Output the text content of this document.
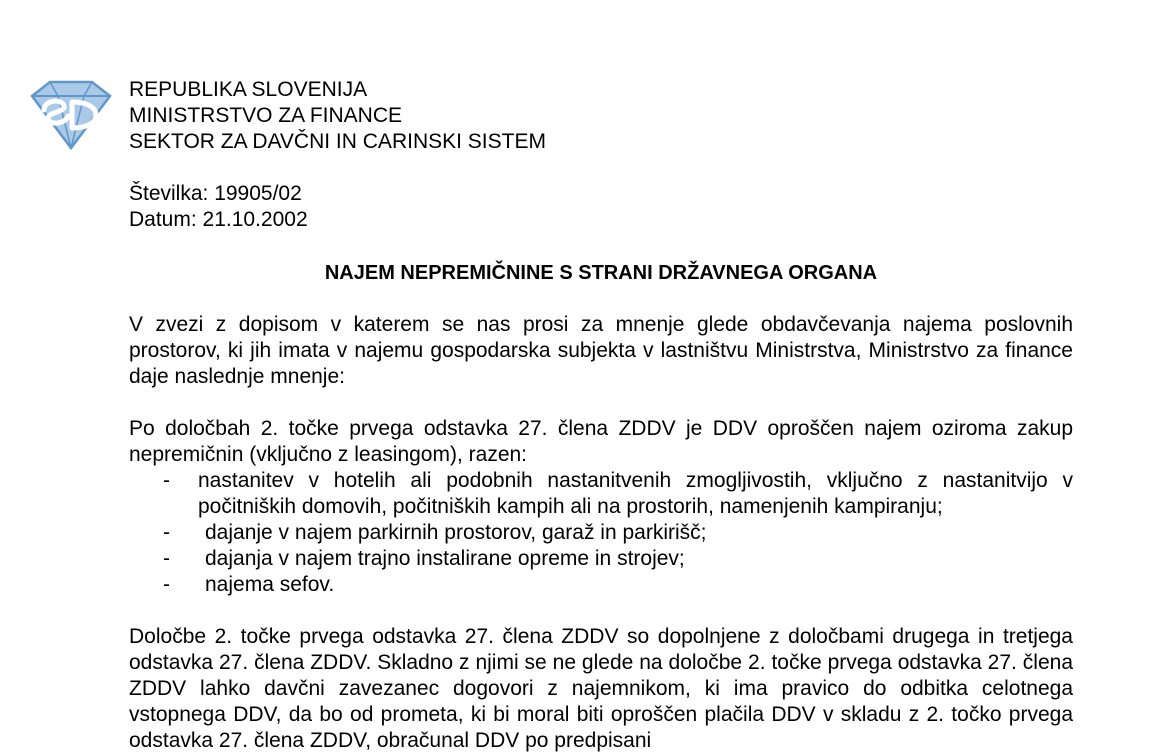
REPUBLIKA SLOVENIJA
MINISTRSTVO ZA FINANCE
SEKTOR ZA DAVČNI IN CARINSKI SISTEM
Številka: 19905/02
Datum: 21.10.2002
NAJEM NEPREMIČNINE S STRANI DRŽAVNEGA ORGANA
V zvezi z dopisom v katerem se nas prosi za mnenje glede obdavčevanja najema poslovnih prostorov, ki jih imata v najemu gospodarska subjekta v lastništvu Ministrstva, Ministrstvo za finance daje naslednje mnenje:
Po določbah 2. točke prvega odstavka 27. člena ZDDV je DDV oproščen najem oziroma zakup nepremičnin (vključno z leasingom), razen:
- nastanitev v hotelih ali podobnih nastanitvenih zmogljivostih, vključno z nastanitvijo v počitniških domovih, počitniških kampih ali na prostorih, namenjenih kampiranju;
- dajanje v najem parkirnih prostorov, garaž in parkirišč;
- dajanja v najem trajno instalirane opreme in strojev;
- najema sefov.
Določbe 2. točke prvega odstavka 27. člena ZDDV so dopolnjene z določbami drugega in tretjega odstavka 27. člena ZDDV. Skladno z njimi se ne glede na določbe 2. točke prvega odstavka 27. člena ZDDV lahko davčni zavezanec dogovori z najemnikom, ki ima pravico do odbitka celotnega vstopnega DDV, da bo od prometa, ki bi moral biti oproščen plačila DDV v skladu z 2. točko prvega odstavka 27. člena ZDDV, obračunal DDV po predpisani
